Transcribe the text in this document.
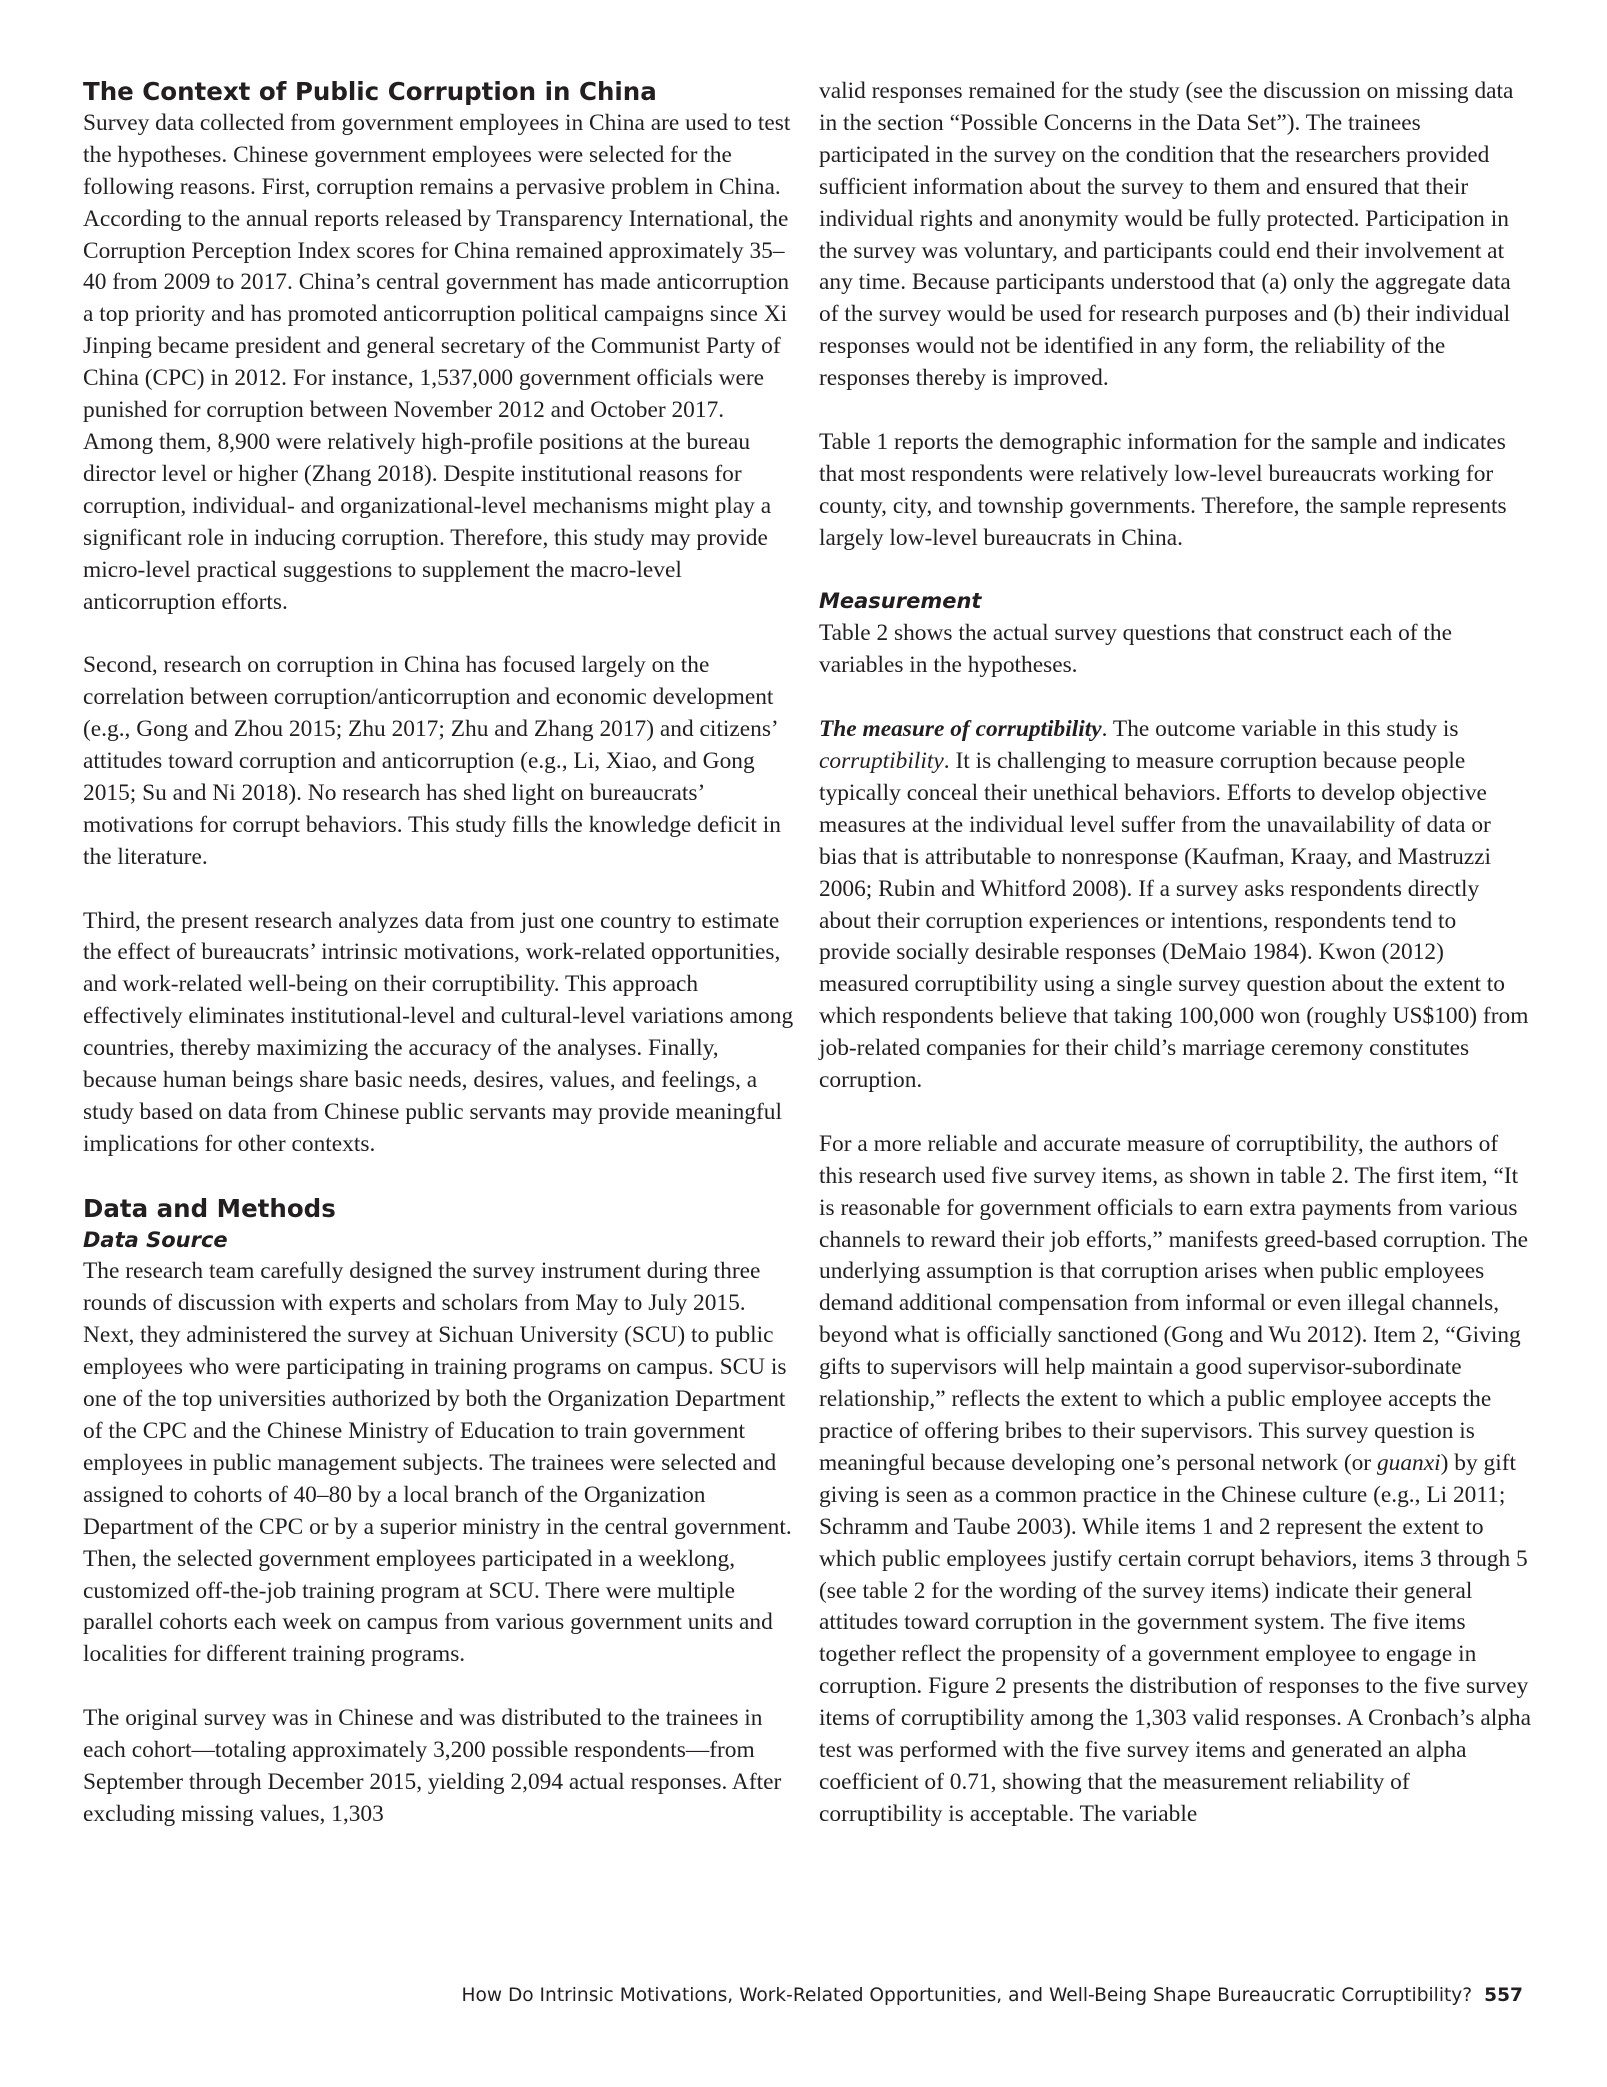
The Context of Public Corruption in China

Survey data collected from government employees in China are used to test the hypotheses. Chinese government employees were selected for the following reasons. First, corruption remains a pervasive problem in China. According to the annual reports released by Transparency International, the Corruption Perception Index scores for China remained approximately 35–40 from 2009 to 2017. China’s central government has made anticorruption a top priority and has promoted anticorruption political campaigns since Xi Jinping became president and general secretary of the Communist Party of China (CPC) in 2012. For instance, 1,537,000 government officials were punished for corruption between November 2012 and October 2017. Among them, 8,900 were relatively high-profile positions at the bureau director level or higher (Zhang 2018). Despite institutional reasons for corruption, individual- and organizational-level mechanisms might play a significant role in inducing corruption. Therefore, this study may provide micro-level practical suggestions to supplement the macro-level anticorruption efforts.

Second, research on corruption in China has focused largely on the correlation between corruption/anticorruption and economic development (e.g., Gong and Zhou 2015; Zhu 2017; Zhu and Zhang 2017) and citizens’ attitudes toward corruption and anticorruption (e.g., Li, Xiao, and Gong 2015; Su and Ni 2018). No research has shed light on bureaucrats’ motivations for corrupt behaviors. This study fills the knowledge deficit in the literature.

Third, the present research analyzes data from just one country to estimate the effect of bureaucrats’ intrinsic motivations, work-related opportunities, and work-related well-being on their corruptibility. This approach effectively eliminates institutional-level and cultural-level variations among countries, thereby maximizing the accuracy of the analyses. Finally, because human beings share basic needs, desires, values, and feelings, a study based on data from Chinese public servants may provide meaningful implications for other contexts.

Data and Methods
Data Source

The research team carefully designed the survey instrument during three rounds of discussion with experts and scholars from May to July 2015. Next, they administered the survey at Sichuan University (SCU) to public employees who were participating in training programs on campus. SCU is one of the top universities authorized by both the Organization Department of the CPC and the Chinese Ministry of Education to train government employees in public management subjects. The trainees were selected and assigned to cohorts of 40–80 by a local branch of the Organization Department of the CPC or by a superior ministry in the central government. Then, the selected government employees participated in a weeklong, customized off-the-job training program at SCU. There were multiple parallel cohorts each week on campus from various government units and localities for different training programs.

The original survey was in Chinese and was distributed to the trainees in each cohort—totaling approximately 3,200 possible respondents—from September through December 2015, yielding 2,094 actual responses. After excluding missing values, 1,303

valid responses remained for the study (see the discussion on missing data in the section “Possible Concerns in the Data Set”). The trainees participated in the survey on the condition that the researchers provided sufficient information about the survey to them and ensured that their individual rights and anonymity would be fully protected. Participation in the survey was voluntary, and participants could end their involvement at any time. Because participants understood that (a) only the aggregate data of the survey would be used for research purposes and (b) their individual responses would not be identified in any form, the reliability of the responses thereby is improved.

Table 1 reports the demographic information for the sample and indicates that most respondents were relatively low-level bureaucrats working for county, city, and township governments. Therefore, the sample represents largely low-level bureaucrats in China.

Measurement

Table 2 shows the actual survey questions that construct each of the variables in the hypotheses.

The measure of corruptibility. The outcome variable in this study is corruptibility. It is challenging to measure corruption because people typically conceal their unethical behaviors. Efforts to develop objective measures at the individual level suffer from the unavailability of data or bias that is attributable to nonresponse (Kaufman, Kraay, and Mastruzzi 2006; Rubin and Whitford 2008). If a survey asks respondents directly about their corruption experiences or intentions, respondents tend to provide socially desirable responses (DeMaio 1984). Kwon (2012) measured corruptibility using a single survey question about the extent to which respondents believe that taking 100,000 won (roughly US$100) from job-related companies for their child’s marriage ceremony constitutes corruption.

For a more reliable and accurate measure of corruptibility, the authors of this research used five survey items, as shown in table 2. The first item, “It is reasonable for government officials to earn extra payments from various channels to reward their job efforts,” manifests greed-based corruption. The underlying assumption is that corruption arises when public employees demand additional compensation from informal or even illegal channels, beyond what is officially sanctioned (Gong and Wu 2012). Item 2, “Giving gifts to supervisors will help maintain a good supervisor-subordinate relationship,” reflects the extent to which a public employee accepts the practice of offering bribes to their supervisors. This survey question is meaningful because developing one’s personal network (or guanxi) by gift giving is seen as a common practice in the Chinese culture (e.g., Li 2011; Schramm and Taube 2003). While items 1 and 2 represent the extent to which public employees justify certain corrupt behaviors, items 3 through 5 (see table 2 for the wording of the survey items) indicate their general attitudes toward corruption in the government system. The five items together reflect the propensity of a government employee to engage in corruption. Figure 2 presents the distribution of responses to the five survey items of corruptibility among the 1,303 valid responses. A Cronbach’s alpha test was performed with the five survey items and generated an alpha coefficient of 0.71, showing that the measurement reliability of corruptibility is acceptable. The variable

How Do Intrinsic Motivations, Work-Related Opportunities, and Well-Being Shape Bureaucratic Corruptibility? 557
